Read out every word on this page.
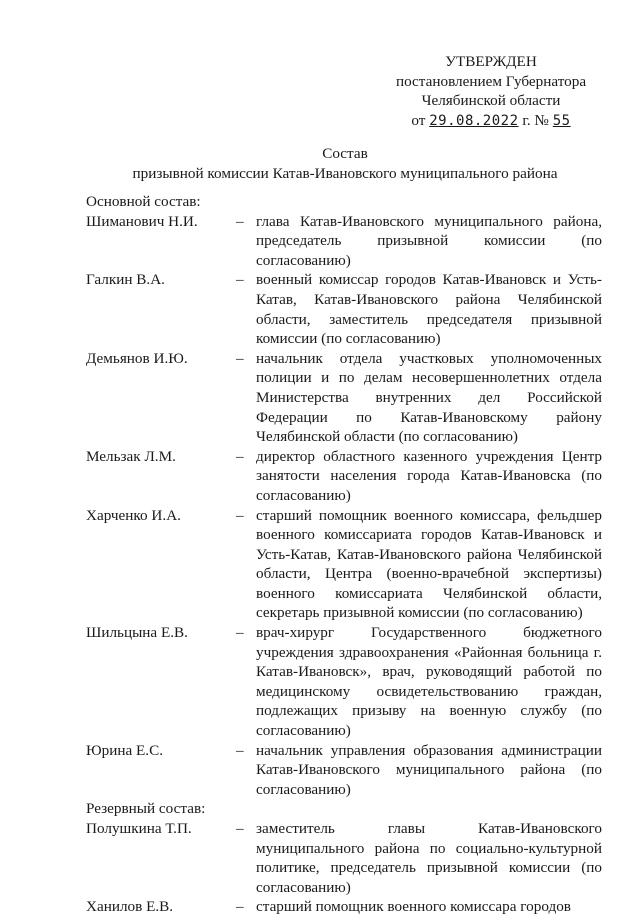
УТВЕРЖДЕН
постановлением Губернатора
Челябинской области
от 29.08.2022 г. № 55
Состав
призывной комиссии Катав-Ивановского муниципального района
Основной состав:
Шиманович Н.И.	– глава Катав-Ивановского муниципального района, председатель призывной комиссии (по согласованию)
Галкин В.А.	– военный комиссар городов Катав-Ивановск и Усть-Катав, Катав-Ивановского района Челябинской области, заместитель председателя призывной комиссии (по согласованию)
Демьянов И.Ю.	– начальник отдела участковых уполномоченных полиции и по делам несовершеннолетних отдела Министерства внутренних дел Российской Федерации по Катав-Ивановскому району Челябинской области (по согласованию)
Мельзак Л.М.	– директор областного казенного учреждения Центр занятости населения города Катав-Ивановска (по согласованию)
Харченко И.А.	– старший помощник военного комиссара, фельдшер военного комиссариата городов Катав-Ивановск и Усть-Катав, Катав-Ивановского района Челябинской области, Центра (военно-врачебной экспертизы) военного комиссариата Челябинской области, секретарь призывной комиссии (по согласованию)
Шильцына Е.В.	– врач-хирург Государственного бюджетного учреждения здравоохранения «Районная больница г. Катав-Ивановск», врач, руководящий работой по медицинскому освидетельствованию граждан, подлежащих призыву на военную службу (по согласованию)
Юрина Е.С.	– начальник управления образования администрации Катав-Ивановского муниципального района (по согласованию)
Резервный состав:
Полушкина Т.П.	– заместитель главы Катав-Ивановского муниципального района по социально-культурной политике, председатель призывной комиссии (по согласованию)
Ханилов Е.В.	– старший помощник военного комиссара городов
